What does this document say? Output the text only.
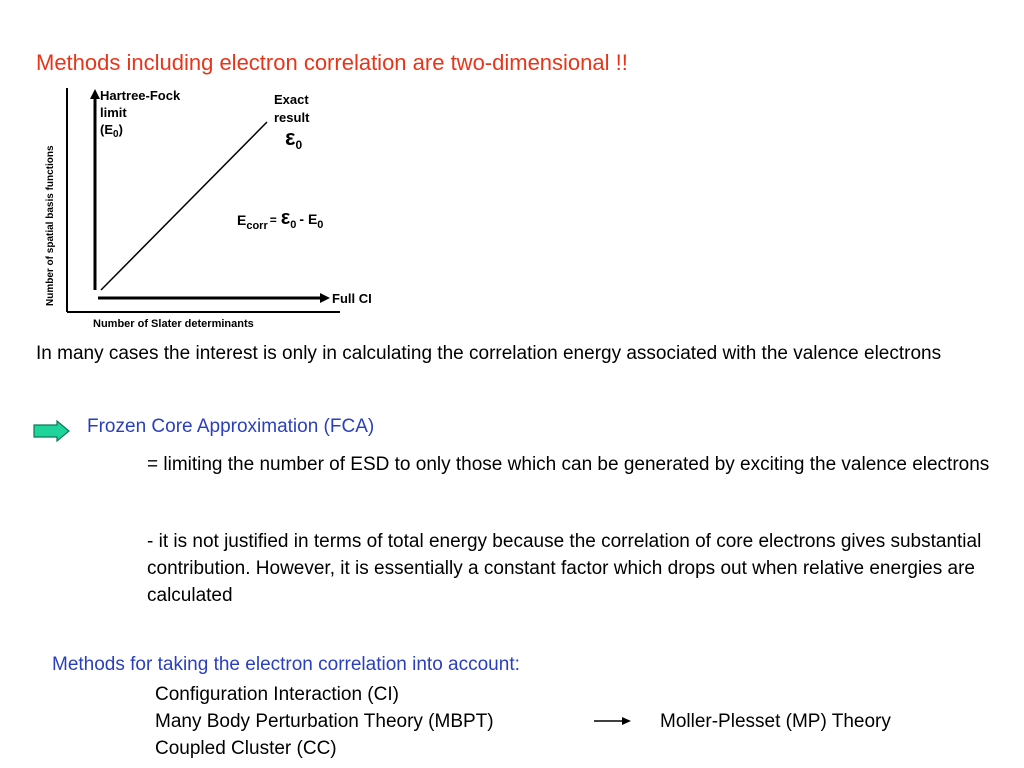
Methods including electron correlation are two-dimensional !!
Number of spatial basis functions
Number of Slater determinants
Hartree-Fock
limit
$(E_0)$
Exact
result
ε0
$E_{corr} = \varepsilon_0 - E_0$
Full CI
In many cases the interest is only in calculating the correlation energy associated with the valence electrons
Frozen Core Approximation (FCA)
= limiting the number of ESD to only those which can be generated by exciting the valence electrons
- it is not justified in terms of total energy because the correlation of core electrons gives substantial contribution. However, it is essentially a constant factor which drops out when relative energies are calculated
Methods for taking the electron correlation into account:
Configuration Interaction (CI)
Many Body Perturbation Theory (MBPT)	Moller-Plesset (MP) Theory
Coupled Cluster (CC)
